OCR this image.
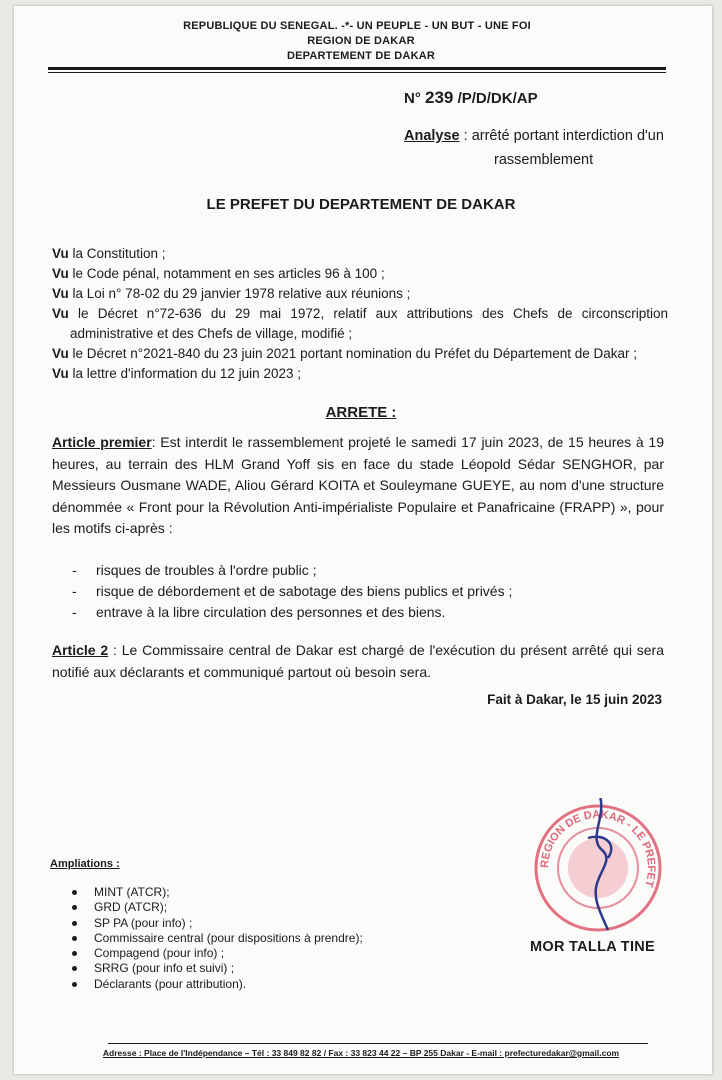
REPUBLIQUE DU SENEGAL. -*- UN PEUPLE - UN BUT - UNE FOI
REGION DE DAKAR
DEPARTEMENT DE DAKAR
N° 239 /P/D/DK/AP
Analyse : arrêté portant interdiction d'un
rassemblement
LE PREFET DU DEPARTEMENT DE DAKAR

Vu la Constitution ;

Vu le Code pénal, notamment en ses articles 96 à 100 ;

Vu la Loi n° 78-02 du 29 janvier 1978 relative aux réunions ;

Vu le Décret n°72-636 du 29 mai 1972, relatif aux attributions des Chefs de circonscription

administrative et des Chefs de village, modifié ;

Vu le Décret n°2021-840 du 23 juin 2021 portant nomination du Préfet du Département de Dakar ;

Vu la lettre d'information du 12 juin 2023 ;

ARRETE :
Article premier: Est interdit le rassemblement projeté le samedi 17 juin 2023, de 15 heures à 19 heures, au terrain des HLM Grand Yoff sis en face du stade Léopold Sédar SENGHOR, par Messieurs Ousmane WADE, Aliou Gérard KOITA et Souleymane GUEYE, au nom d'une structure dénommée « Front pour la Révolution Anti-impérialiste Populaire et Panafricaine (FRAPP) », pour les motifs ci-après :
- risques de troubles à l'ordre public ;
- risque de débordement et de sabotage des biens publics et privés ;
- entrave à la libre circulation des personnes et des biens.
Article 2 : Le Commissaire central de Dakar est chargé de l'exécution du présent arrêté qui sera notifié aux déclarants et communiqué partout où besoin sera.
Fait à Dakar, le 15 juin 2023
REGION DE DAKAR - LE PREFET
MOR TALLA TINE
Ampliations :
MINT (ATCR);
GRD (ATCR);
SP PA (pour info) ;
Commissaire central (pour dispositions à prendre);
Compagend (pour info) ;
SRRG (pour info et suivi) ;
Déclarants (pour attribution).
Adresse : Place de l'Indépendance – Tél : 33 849 82 82 / Fax : 33 823 44 22 – BP 255 Dakar - E-mail : prefecturedakar@gmail.com
